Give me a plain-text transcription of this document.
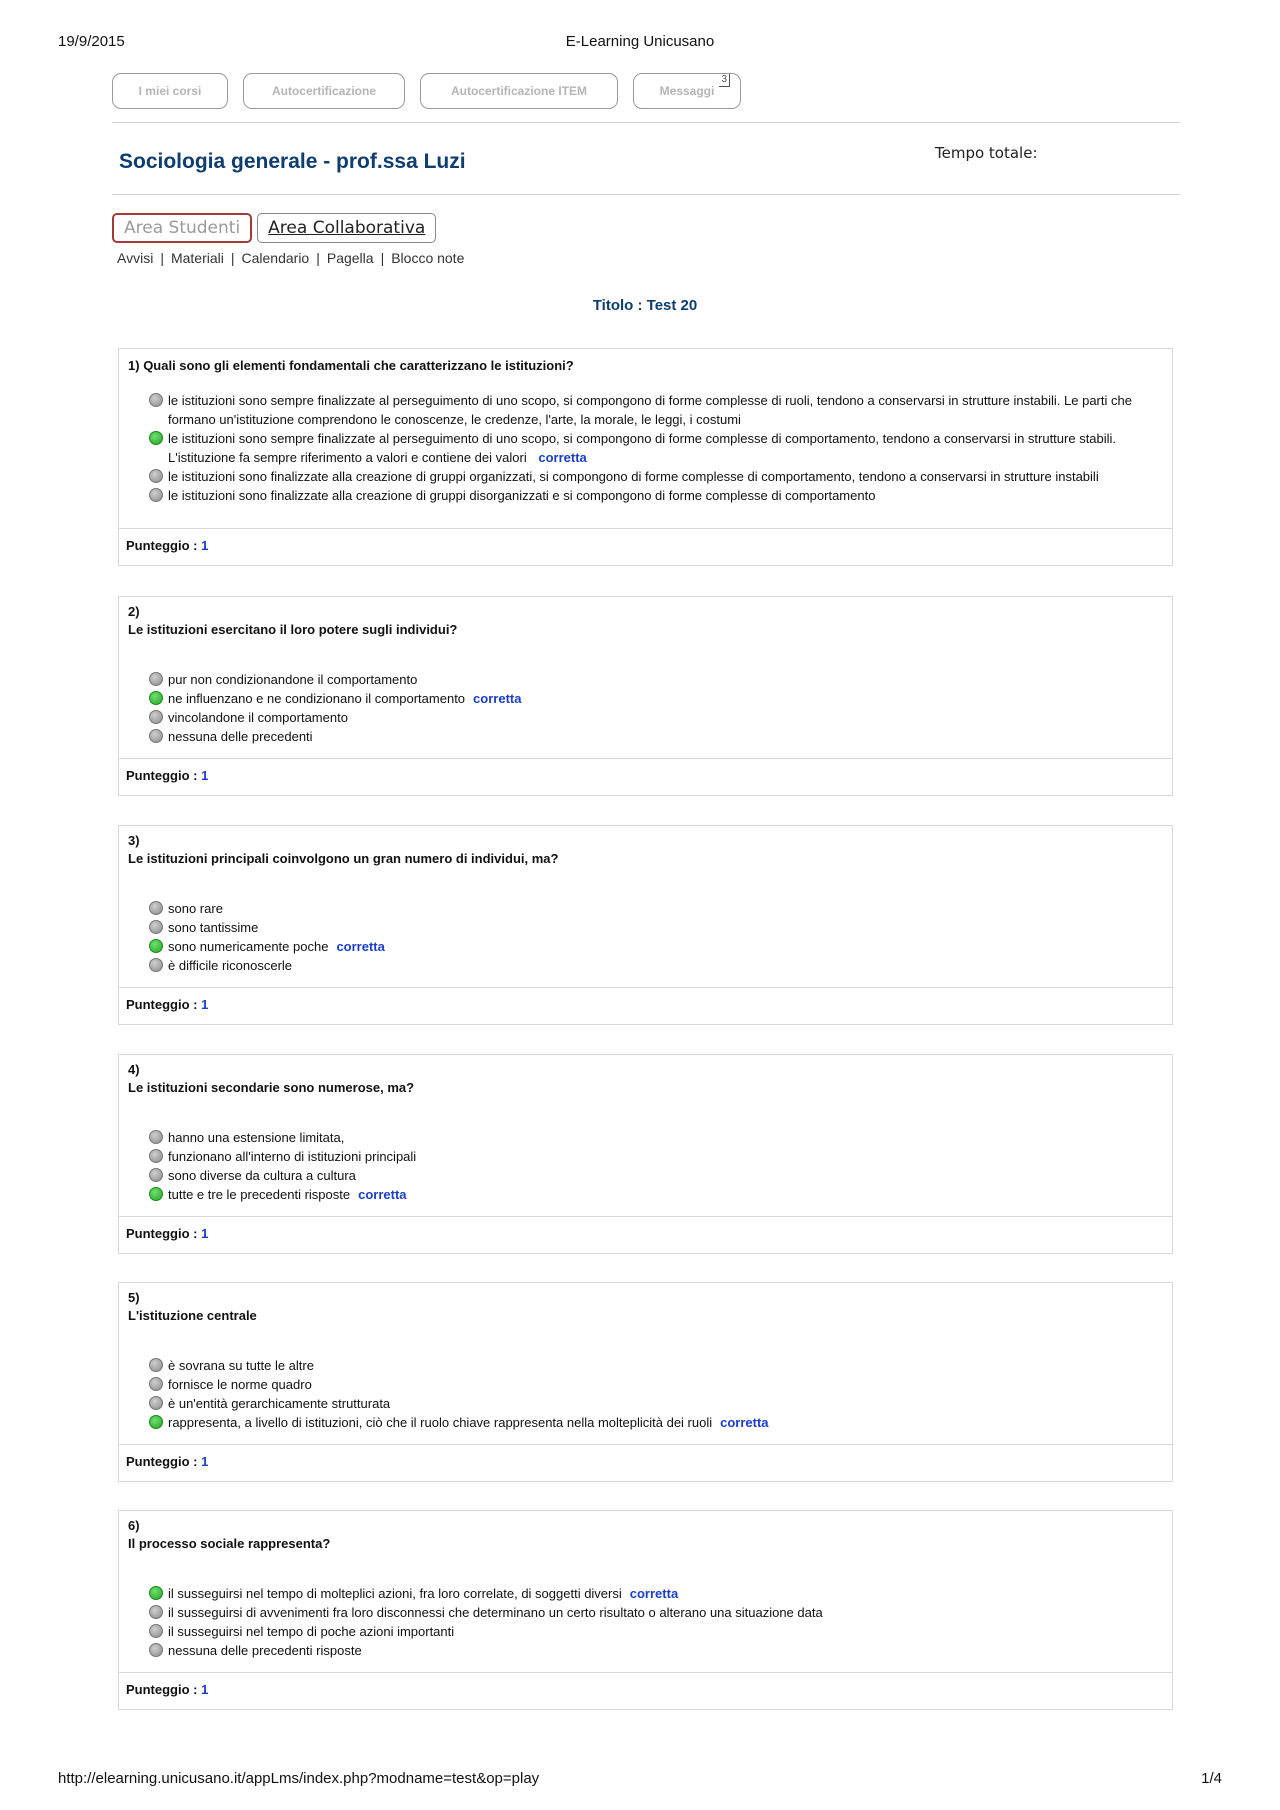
19/9/2015	E-Learning Unicusano
I miei corsi	Autocertificazione	Autocertificazione ITEM	Messaggi
3
Sociologia generale - prof.ssa Luzi	Tempo totale:
Area Studenti	Area Collaborativa
Avvisi | Materiali | Calendario | Pagella | Blocco note
Titolo : Test 20
1) Quali sono gli elementi fondamentali che caratterizzano le istituzioni?
le istituzioni sono sempre finalizzate al perseguimento di uno scopo, si compongono di forme complesse di ruoli, tendono a conservarsi in strutture instabili. Le parti che formano un'istituzione comprendono le conoscenze, le credenze, l'arte, la morale, le leggi, i costumi
le istituzioni sono sempre finalizzate al perseguimento di uno scopo, si compongono di forme complesse di comportamento, tendono a conservarsi in strutture stabili. L'istituzione fa sempre riferimento a valori e contiene dei valori corretta
le istituzioni sono finalizzate alla creazione di gruppi organizzati, si compongono di forme complesse di comportamento, tendono a conservarsi in strutture instabili
le istituzioni sono finalizzate alla creazione di gruppi disorganizzati e si compongono di forme complesse di comportamento
Punteggio : 1
2)
Le istituzioni esercitano il loro potere sugli individui?
pur non condizionandone il comportamento
ne influenzano e ne condizionano il comportamento corretta
vincolandone il comportamento
nessuna delle precedenti
Punteggio : 1
3)
Le istituzioni principali coinvolgono un gran numero di individui, ma?
sono rare
sono tantissime
sono numericamente poche corretta
è difficile riconoscerle
Punteggio : 1
4)
Le istituzioni secondarie sono numerose, ma?
hanno una estensione limitata,
funzionano all'interno di istituzioni principali
sono diverse da cultura a cultura
tutte e tre le precedenti risposte corretta
Punteggio : 1
5)
L'istituzione centrale
è sovrana su tutte le altre
fornisce le norme quadro
è un'entità gerarchicamente strutturata
rappresenta, a livello di istituzioni, ciò che il ruolo chiave rappresenta nella molteplicità dei ruoli corretta
Punteggio : 1
6)
Il processo sociale rappresenta?
il susseguirsi nel tempo di molteplici azioni, fra loro correlate, di soggetti diversi corretta
il susseguirsi di avvenimenti fra loro disconnessi che determinano un certo risultato o alterano una situazione data
il susseguirsi nel tempo di poche azioni importanti
nessuna delle precedenti risposte
Punteggio : 1
http://elearning.unicusano.it/appLms/index.php?modname=test&op=play	1/4
